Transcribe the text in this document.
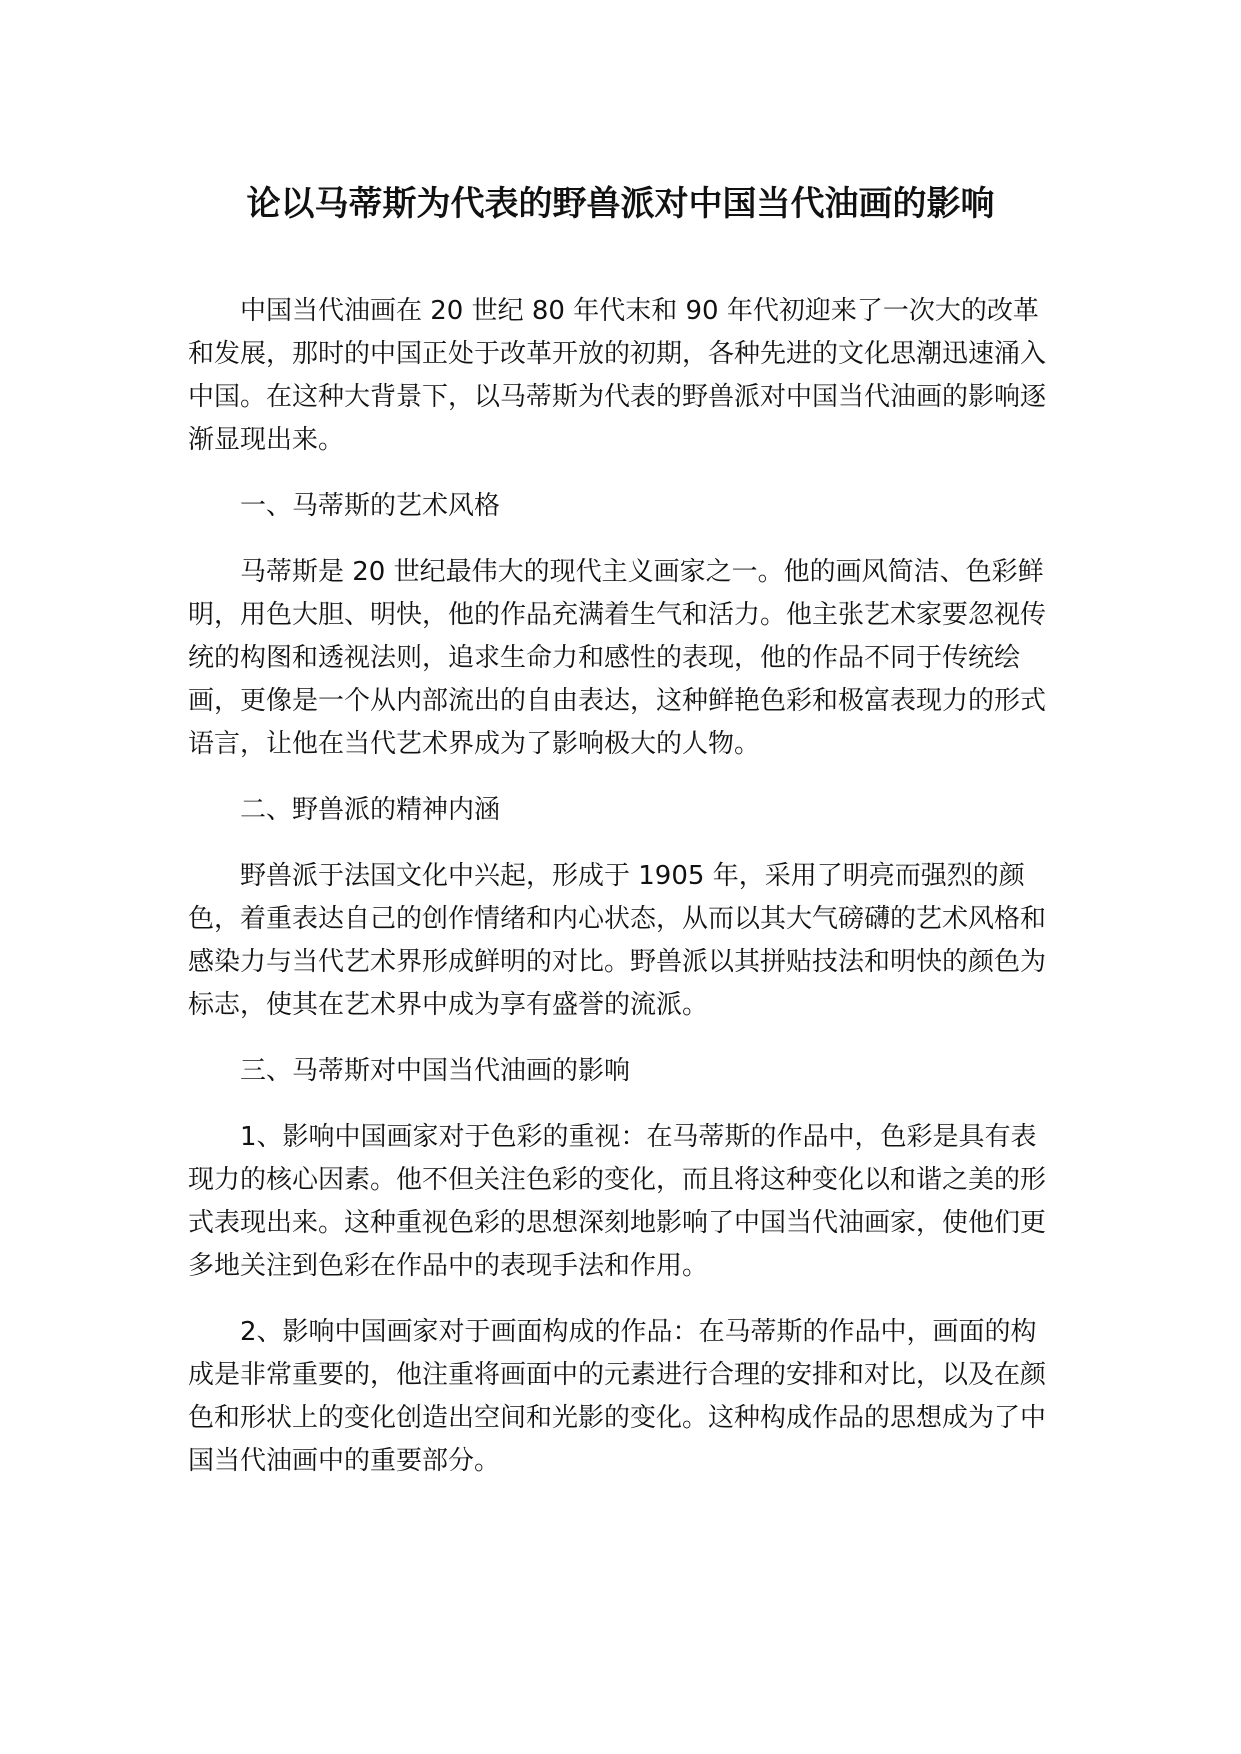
论以马蒂斯为代表的野兽派对中国当代油画的影响

中国当代油画在 20 世纪 80 年代末和 90 年代初迎来了一次大的改革和发展，那时的中国正处于改革开放的初期，各种先进的文化思潮迅速涌入中国。在这种大背景下，以马蒂斯为代表的野兽派对中国当代油画的影响逐渐显现出来。

一、马蒂斯的艺术风格

马蒂斯是 20 世纪最伟大的现代主义画家之一。他的画风简洁、色彩鲜明，用色大胆、明快，他的作品充满着生气和活力。他主张艺术家要忽视传统的构图和透视法则，追求生命力和感性的表现，他的作品不同于传统绘画，更像是一个从内部流出的自由表达，这种鲜艳色彩和极富表现力的形式语言，让他在当代艺术界成为了影响极大的人物。

二、野兽派的精神内涵

野兽派于法国文化中兴起，形成于 1905 年，采用了明亮而强烈的颜色，着重表达自己的创作情绪和内心状态，从而以其大气磅礴的艺术风格和感染力与当代艺术界形成鲜明的对比。野兽派以其拼贴技法和明快的颜色为标志，使其在艺术界中成为享有盛誉的流派。

三、马蒂斯对中国当代油画的影响

1、影响中国画家对于色彩的重视：在马蒂斯的作品中，色彩是具有表现力的核心因素。他不但关注色彩的变化，而且将这种变化以和谐之美的形式表现出来。这种重视色彩的思想深刻地影响了中国当代油画家，使他们更多地关注到色彩在作品中的表现手法和作用。

2、影响中国画家对于画面构成的作品：在马蒂斯的作品中，画面的构成是非常重要的，他注重将画面中的元素进行合理的安排和对比，以及在颜色和形状上的变化创造出空间和光影的变化。这种构成作品的思想成为了中国当代油画中的重要部分。
